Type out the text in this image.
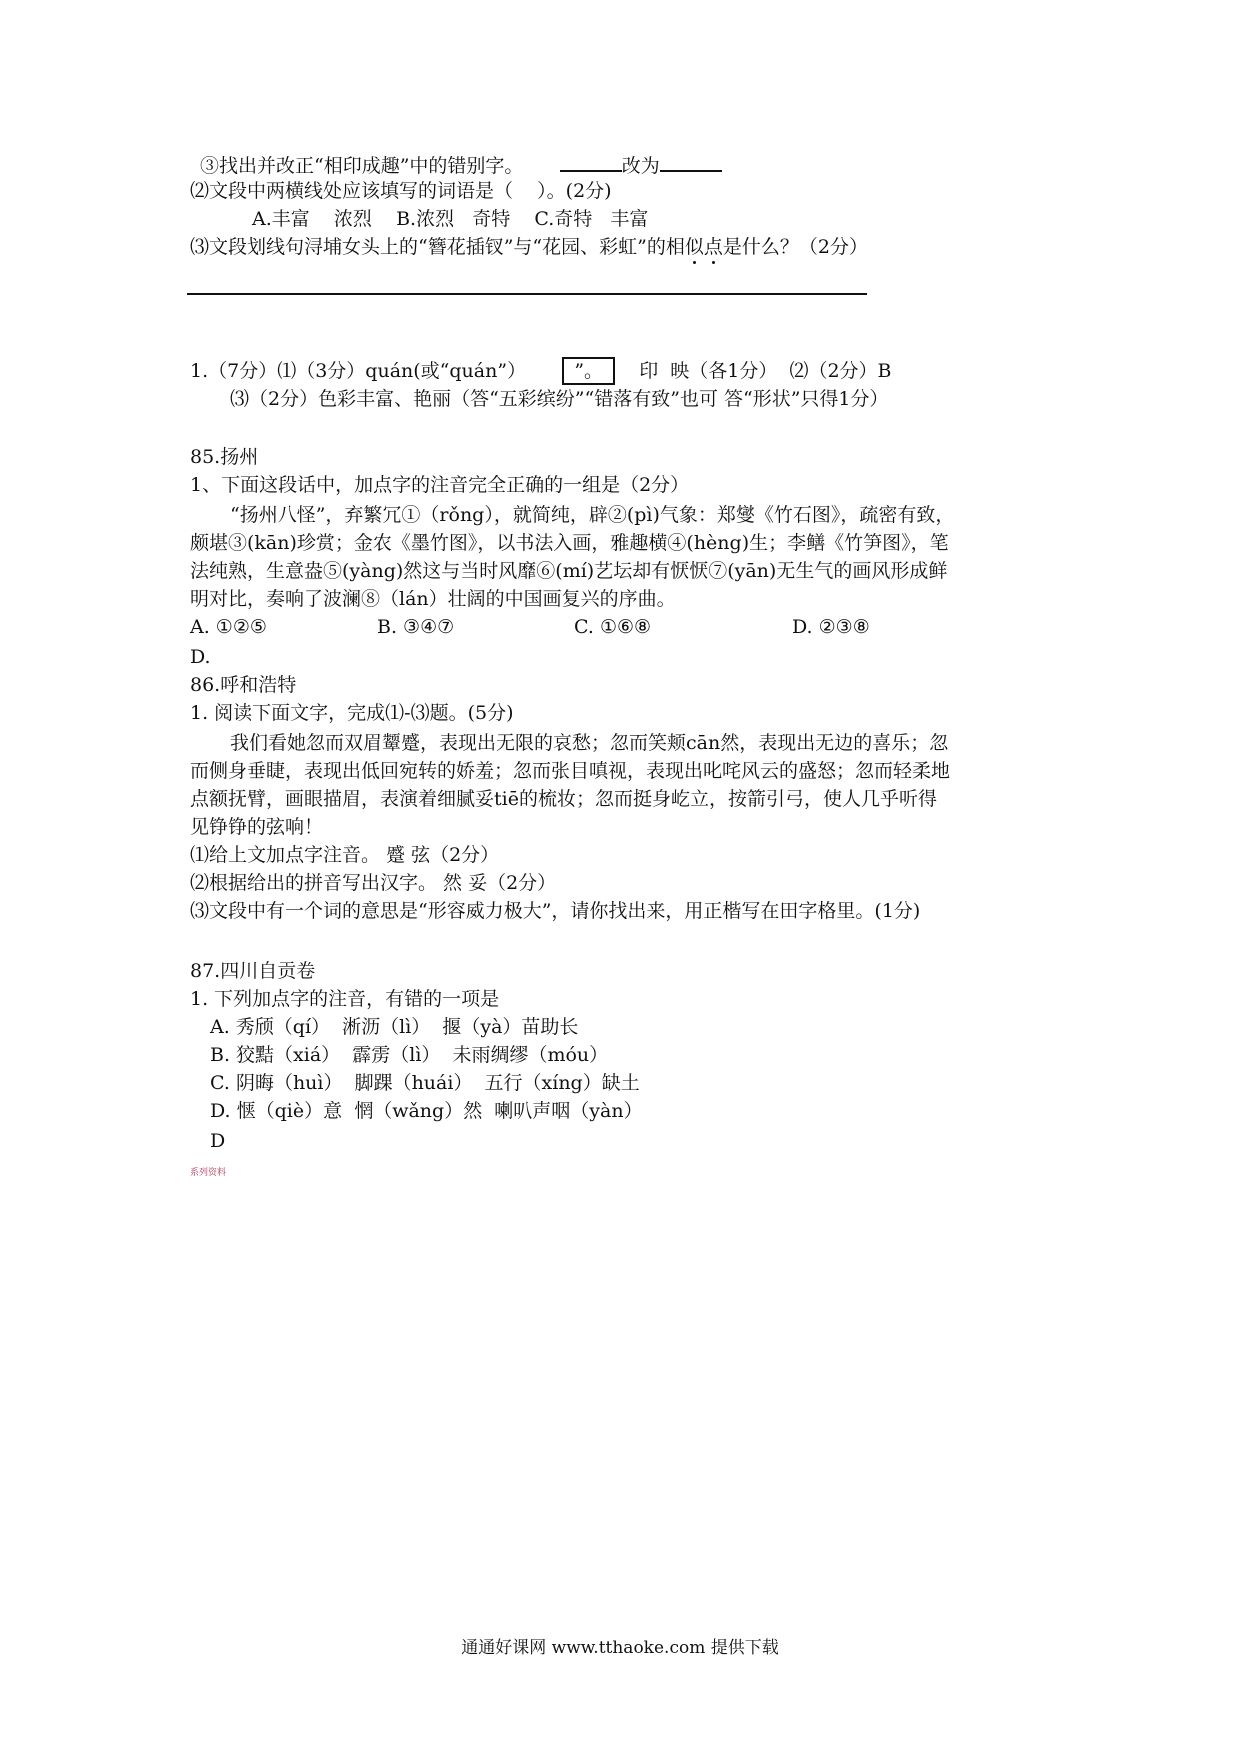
③找出并改正“相印成趣”中的错别字。	改为
⑵文段中两横线处应该填写的词语是（    ）。(2分)
A.丰富    浓烈    B.浓烈   奇特    C.奇特   丰富
⑶文段划线句浔埔女头上的“簪花插钗”与“花园、彩虹”的相似点是什么？（2分）
1.（7分）⑴（3分）quán(或“quán”）	”。 印  映（各1分）  ⑵（2分）B
⑶（2分）色彩丰富、艳丽（答“五彩缤纷”“错落有致”也可 答“形状”只得1分）
85.扬州
1、下面这段话中，加点字的注音完全正确的一组是（2分）
“扬州八怪”，弃繁冗①（rǒng），就简纯，辟②(pì)气象：郑燮《竹石图》，疏密有致，
颇堪③(kān)珍赏；金农《墨竹图》，以书法入画，雅趣横④(hèng)生；李鳝《竹笋图》，笔
法纯熟，生意盎⑤(yàng)然这与当时风靡⑥(mí)艺坛却有恹恹⑦(yān)无生气的画风形成鲜
明对比，奏响了波澜⑧（lán）壮阔的中国画复兴的序曲。
A. ①②⑤	B. ③④⑦	C. ①⑥⑧	D. ②③⑧
D.
86.呼和浩特
1. 阅读下面文字，完成⑴-⑶题。(5分)
我们看她忽而双眉颦蹙，表现出无限的哀愁；忽而笑颊cān然，表现出无边的喜乐；忽
而侧身垂睫，表现出低回宛转的娇羞；忽而张目嗔视，表现出叱咤风云的盛怒；忽而轻柔地
点额抚臂，画眼描眉，表演着细腻妥tiē的梳妆；忽而挺身屹立，按箭引弓，使人几乎听得
见铮铮的弦响！
⑴给上文加点字注音。 蹙 弦（2分）
⑵根据给出的拼音写出汉字。 然 妥（2分）
⑶文段中有一个词的意思是“形容威力极大”，请你找出来，用正楷写在田字格里。(1分)
87.四川自贡卷
1. 下列加点字的注音，有错的一项是
A. 秀颀（qí）  淅沥（lì）  揠（yà）苗助长
B. 狡黠（xiá）  霹雳（lì）  未雨绸缪（móu）
C. 阴晦（huì）  脚踝（huái）  五行（xíng）缺土
D. 惬（qiè）意  惘（wǎng）然  喇叭声咽（yàn）
D
系列资料
通通好课网 www.tthaoke.com 提供下载
